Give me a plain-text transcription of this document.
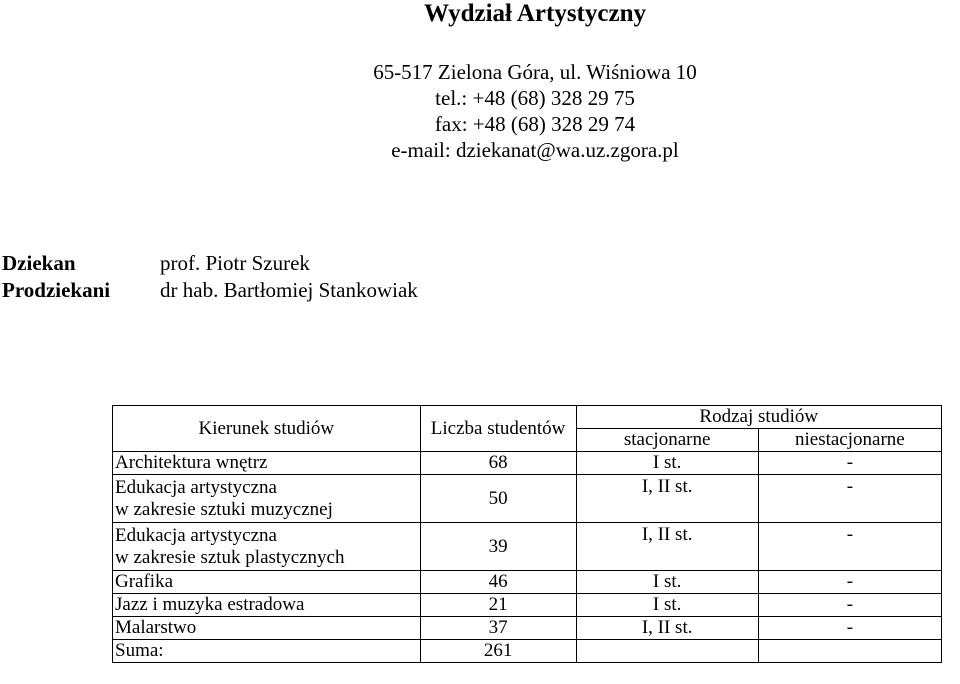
Wydział Artystyczny
65-517 Zielona Góra, ul. Wiśniowa 10
tel.: +48 (68) 328 29 75
fax: +48 (68) 328 29 74
e-mail: dziekanat@wa.uz.zgora.pl
Dziekan	prof. Piotr Szurek
Prodziekani dr hab. Bartłomiej Stankowiak
Kierunek studiów	Liczba studentów	Rodzaj studiów	
		stacjonarne	niestacjonarne
Architektura wnętrz	68	I st.	-

Edukacja artystyczna
w zakresie sztuki muzycznej	50	I, II st.	-

Edukacja artystyczna
w zakresie sztuk plastycznych	39	I, II st.	-

Grafika	46	I st.	-
Jazz i muzyka estradowa	21	I st.	-
Malarstwo	37	I, II st.	-
Suma:	261		
